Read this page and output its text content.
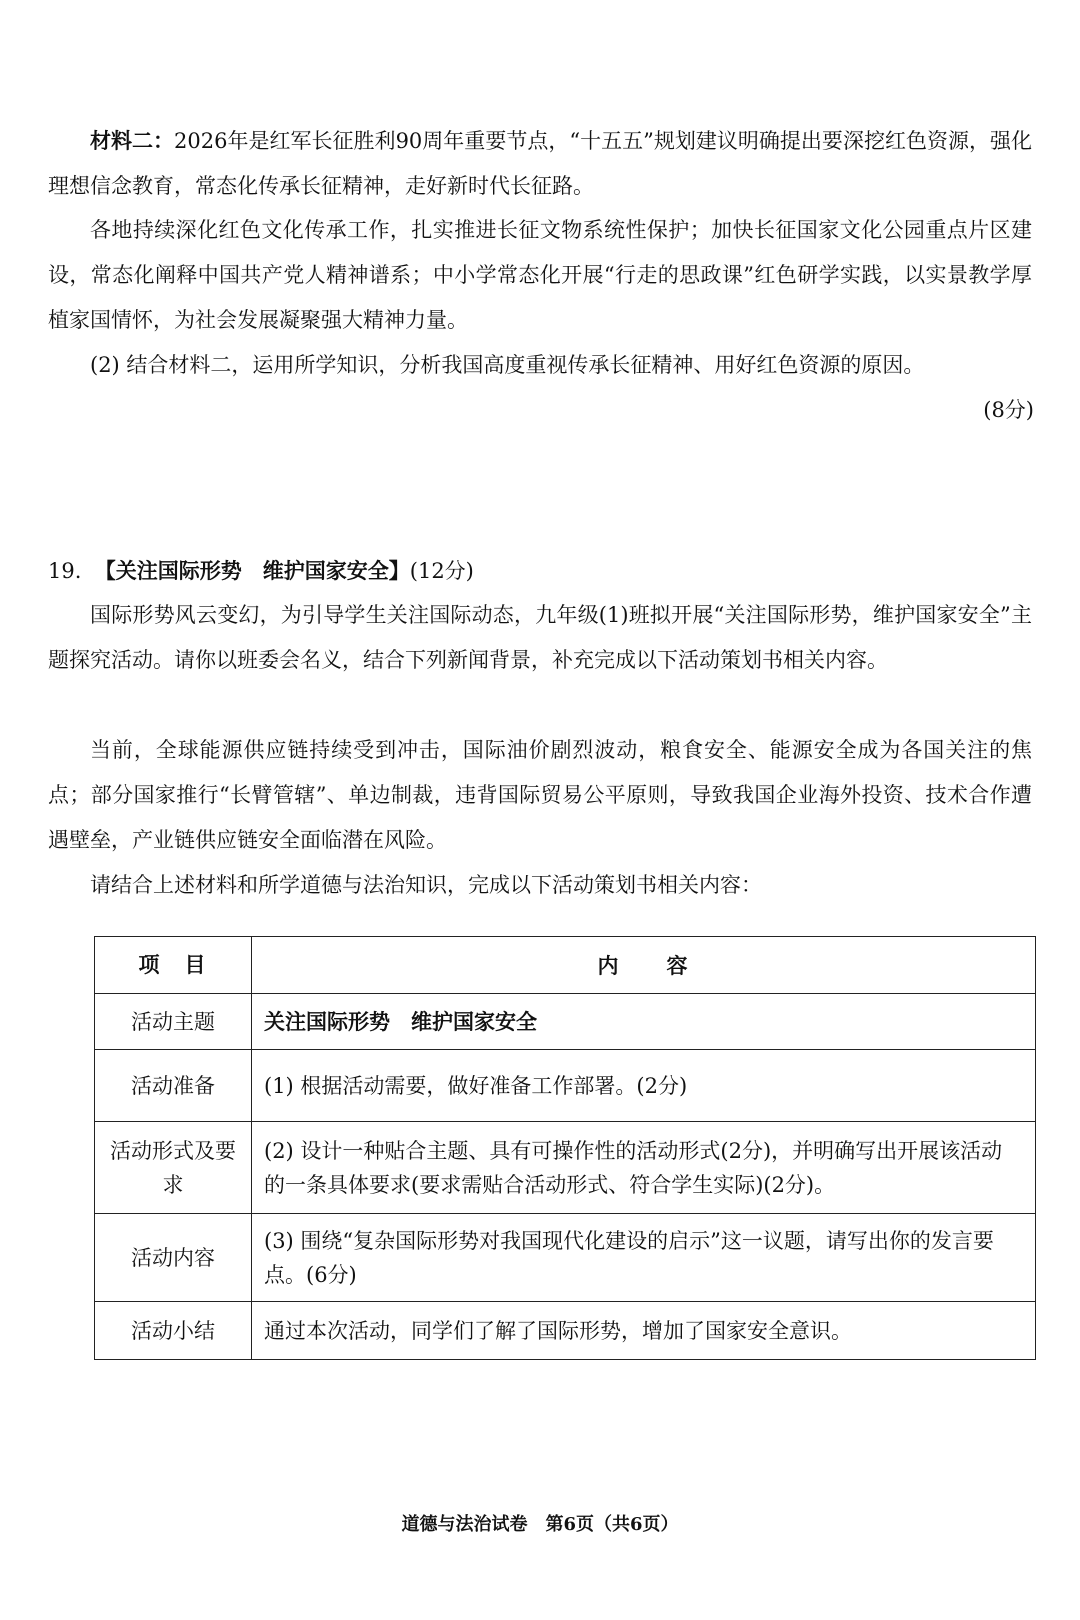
材料二：2026年是红军长征胜利90周年重要节点，“十五五”规划建议明确提出要深挖红色资源，强化理想信念教育，常态化传承长征精神，走好新时代长征路。

各地持续深化红色文化传承工作，扎实推进长征文物系统性保护；加快长征国家文化公园重点片区建设，常态化阐释中国共产党人精神谱系；中小学常态化开展“行走的思政课”红色研学实践，以实景教学厚植家国情怀，为社会发展凝聚强大精神力量。

(2) 结合材料二，运用所学知识，分析我国高度重视传承长征精神、用好红色资源的原因。

(8分)

19. 【关注国际形势　维护国家安全】(12分)

国际形势风云变幻，为引导学生关注国际动态，九年级(1)班拟开展“关注国际形势，维护国家安全”主题探究活动。请你以班委会名义，结合下列新闻背景，补充完成以下活动策划书相关内容。

当前，全球能源供应链持续受到冲击，国际油价剧烈波动，粮食安全、能源安全成为各国关注的焦点；部分国家推行“长臂管辖”、单边制裁，违背国际贸易公平原则，导致我国企业海外投资、技术合作遭遇壁垒，产业链供应链安全面临潜在风险。

请结合上述材料和所学道德与法治知识，完成以下活动策划书相关内容：

项　目	内　　容
活动主题	关注国际形势　维护国家安全
活动准备	(1) 根据活动需要，做好准备工作部署。(2分)
活动形式及要求	(2) 设计一种贴合主题、具有可操作性的活动形式(2分)，并明确写出开展该活动的一条具体要求(要求需贴合活动形式、符合学生实际)(2分)。
活动内容	(3) 围绕“复杂国际形势对我国现代化建设的启示”这一议题，请写出你的发言要点。(6分)
活动小结	通过本次活动，同学们了解了国际形势，增加了国家安全意识。
道德与法治试卷　第6页（共6页）
